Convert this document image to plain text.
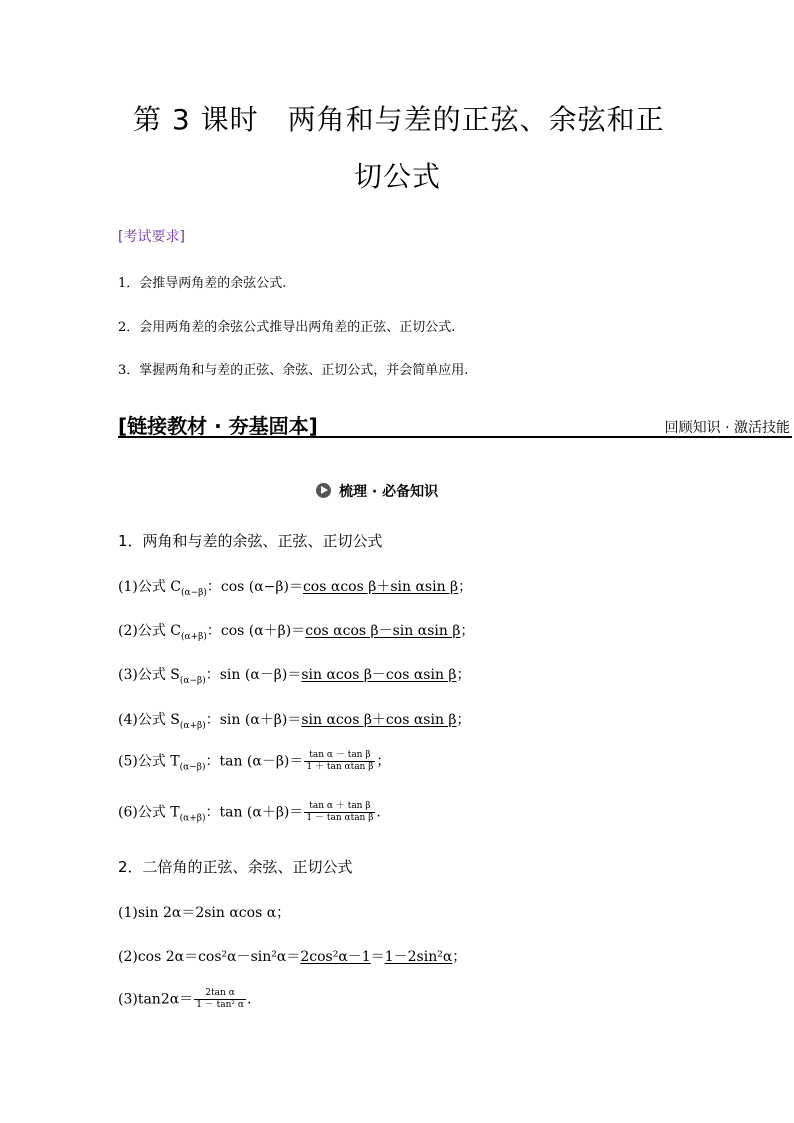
第 3 课时　两角和与差的正弦、余弦和正
切公式
[考试要求]
1．会推导两角差的余弦公式.
2．会用两角差的余弦公式推导出两角差的正弦、正切公式.
3．掌握两角和与差的正弦、余弦、正切公式，并会简单应用.
[链接教材 · 夯基固本]	回顾知识 · 激活技能
梳理 · 必备知识
1．两角和与差的余弦、正弦、正切公式
(1)公式 $C_{(\alpha-\beta)}$：cos (α−β)＝cos αcos β＋sin αsin β；
(2)公式 $C_{(\alpha+\beta)}$：cos (α＋β)＝cos αcos β－sin αsin β；
(3)公式 $S_{(\alpha-\beta)}$：sin (α－β)＝sin αcos β－cos αsin β；
(4)公式 $S_{(\alpha+\beta)}$：sin (α＋β)＝sin αcos β＋cos αsin β；
(5)公式 $T_{(\alpha-\beta)}$：$\tan (\alpha-\beta)= \frac{\text{tan α － tan β}}{\text{1 ＋ tan αtan β}}$ ；
(6)公式 $T_{(\alpha+\beta)}$：$\tan (\alpha+\beta)= \frac{\text{tan α ＋ tan β}}{\text{1 － tan αtan β}}$ .
2．二倍角的正弦、余弦、正切公式
(1)sin 2α＝2sin αcos α；
(2)cos 2α＝cos²α－sin²α＝2cos²α－1＝1－2sin²α；
$(3)\tan 2\alpha= \frac{\text{2tan α}}{\text{1 － tan² α}}$ .
